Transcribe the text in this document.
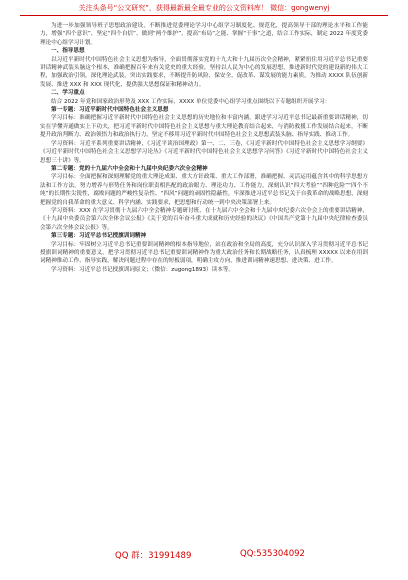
关注头条号“公文研究”，获得最新最全最专业的公文资料库！ 微信：gongwenyj

为进一步加强领导班子思想政治建设，不断推进党委理论学习中心组学习制度化、规范化，提高领导干部的理论水平和工作能力，增强“四个意识”、坚定“四个自信”、做到“两个维护”，提高“布局”之能、掌握“干事”之道，结合工作实际，制定 2022 年度党委理论中心组学习计划。

一、指导思想

以习近平新时代中国特色社会主义思想为指导，全面贯彻落实党的十九大和十九届历次全会精神，紧紧扭住用习近平总书记重要讲话精神武装头脑这个根本，准确把握百年来有关党史的重大经验，坚持以人民为中心的发展思想，推进新时代党的建设新的伟大工程，加强政治引领，深化理论武装，突出实践要求，不断提升防风险、保安全、促改革、谋发展的能力素质，为推动 XXXX 队伍创新发展、推进 XXX 和 XXX 现代化，提供强大思想保证和精神动力。

二、学习重点

结合 2022 年党和国家政治形势及 XXX 工作实际，XXXX 单位党委中心组学习重点围绕以下专题组织开展学习：

第一专题：习近平新时代中国特色社会主义思想

学习目标：准确把握习近平新时代中国特色社会主义思想的历史地位和丰富内涵，跟进学习习近平总书记最新重要讲话精神，切实在学懂弄通做实上下功夫，把习近平新时代中国特色社会主义思想与重大理论教育结合起来，与消防救援工作发展结合起来，不断提升政治判断力、政治领悟力和政治执行力，坚定不移用习近平新时代中国特色社会主义思想武装头脑、指导实践、推动工作。

学习资料：习近平系列重要讲话精神，《习近平谈治国理政》第一、二、三卷，《习近平新时代中国特色社会主义思想学习纲要》《习近平新时代中国特色社会主义思想学习论丛》《习近平新时代中国特色社会主义思想学习问答》《习近平新时代中国特色社会主义思想三十讲》等。

第二专题：党的十九届六中全会和十九届中央纪委六次全会精神

学习目标：全面把握和深刻理解党的重大理论成果、重大方针政策、重大工作部署，准确把握、灵活运用蕴含其中的科学思想方法和工作方法，努力增养与形势任务和岗位职责相匹配的政治眼力、理论功力、工作能力，深刻认识“四大考验”“四种危险”“四个不纯”的长期性尖锐性，腐败问题的严峻性复杂性、“四风”问题的顽固性隐蔽性，牢深推进习近平总书记关于自我革命的战略思想，深刻把握党的自我革命的重大意义、科学内涵、实践要求，把思想和行动统一到中央决策部署上来。

学习资料：XXX 在学习贯彻十九届六中全会精神专题研讨班、在十九届六中全会和十九届中央纪委六次全会上的重要讲话精神，《十九届中央委员会第六次全体会议公报》《关于党的百年奋斗重大成就和历史经验的决议》《中国共产党第十九届中央纪律检查委员会第六次全体会议公报》等。

第三专题：习近平总书记授旗训词精神

学习目标：牢固树立习近平总书记重要训词精神的根本指导地位，站在政治和全局的高度，充分认识深入学习贯彻习近平总书记授旗训词精神的重要意义，把学习贯彻习近平总书记重要训词精神作为重大政治任务和长期战略任务，认真梳理 XXXXX 以来在用训词精神推动工作、指导实践，解决问题过程中存在的短板弱项，明确主攻方向，推进训词精神速思想、进决策、进工作。

学习资料：习近平总书记授旗训词原文；（微信：zugong1893）读本等。

QQ 群：31991489	QQ:535304092
